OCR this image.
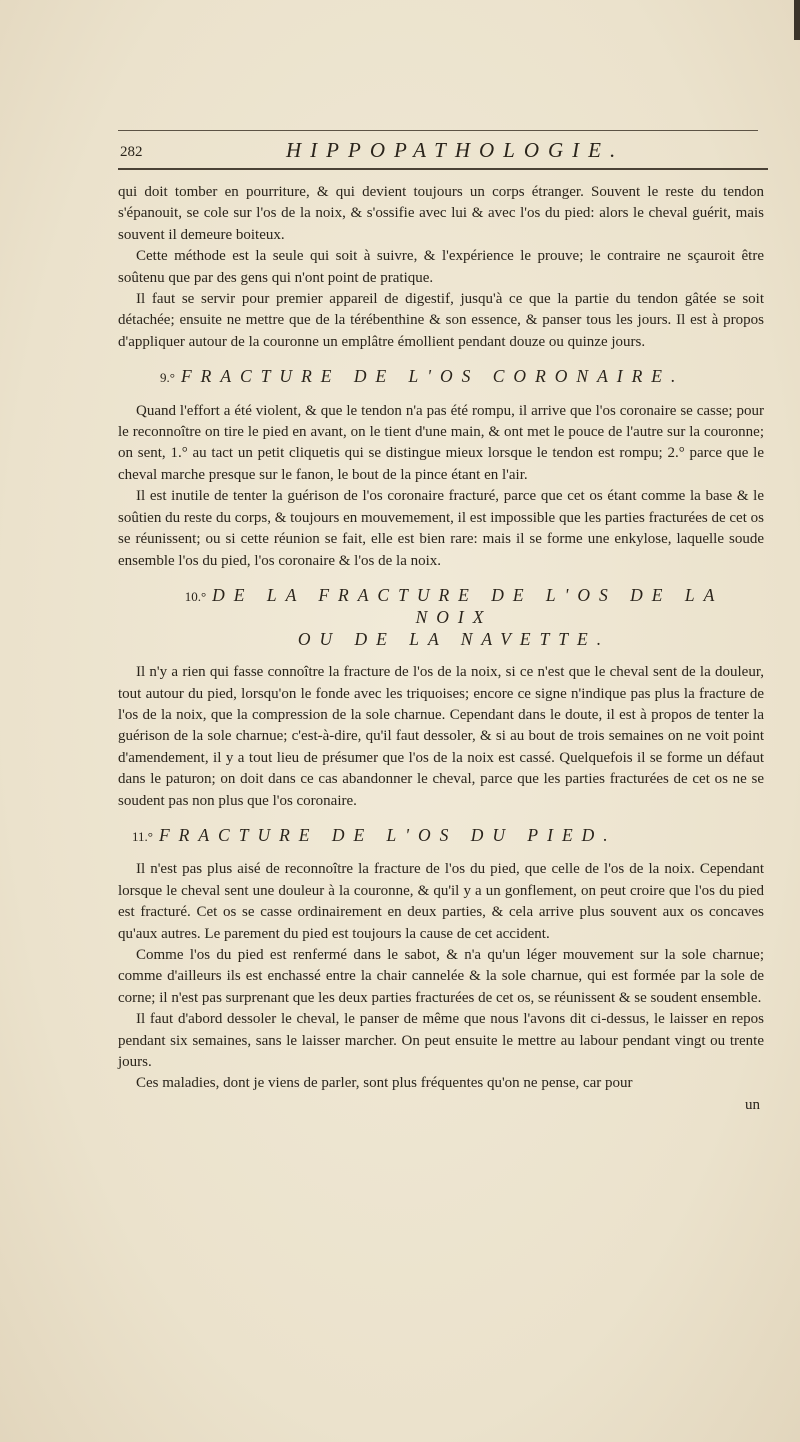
282	HIPPOPATHOLOGIE.

qui doit tomber en pourriture, & qui devient toujours un corps étranger. Souvent le reste du tendon s'épanouit, se cole sur l'os de la noix, & s'ossifie avec lui & avec l'os du pied: alors le cheval guérit, mais souvent il demeure boiteux.

Cette méthode est la seule qui soit à suivre, & l'expérience le prouve; le contraire ne sçauroit être soûtenu que par des gens qui n'ont point de pratique.

Il faut se servir pour premier appareil de digestif, jusqu'à ce que la partie du tendon gâtée se soit détachée; ensuite ne mettre que de la térébenthine & son essence, & panser tous les jours. Il est à propos d'appliquer autour de la couronne un emplâtre émollient pendant douze ou quinze jours.

9.° FRACTURE DE L'OS CORONAIRE.

Quand l'effort a été violent, & que le tendon n'a pas été rompu, il arrive que l'os coronaire se casse; pour le reconnoître on tire le pied en avant, on le tient d'une main, & ont met le pouce de l'autre sur la couronne; on sent, 1.° au tact un petit cliquetis qui se distingue mieux lorsque le tendon est rompu; 2.° parce que le cheval marche presque sur le fanon, le bout de la pince étant en l'air.

Il est inutile de tenter la guérison de l'os coronaire fracturé, parce que cet os étant comme la base & le soûtien du reste du corps, & toujours en mouvemement, il est impossible que les parties fracturées de cet os se réunissent; ou si cette réunion se fait, elle est bien rare: mais il se forme une enkylose, laquelle soude ensemble l'os du pied, l'os coronaire & l'os de la noix.

10.° DE LA FRACTURE DE L'OS DE LA NOIX
OU DE LA NAVETTE.

Il n'y a rien qui fasse connoître la fracture de l'os de la noix, si ce n'est que le cheval sent de la douleur, tout autour du pied, lorsqu'on le fonde avec les triquoises; encore ce signe n'indique pas plus la fracture de l'os de la noix, que la compression de la sole charnue. Cependant dans le doute, il est à propos de tenter la guérison de la sole charnue; c'est-à-dire, qu'il faut dessoler, & si au bout de trois semaines on ne voit point d'amendement, il y a tout lieu de présumer que l'os de la noix est cassé. Quelquefois il se forme un défaut dans le paturon; on doit dans ce cas abandonner le cheval, parce que les parties fracturées de cet os ne se soudent pas non plus que l'os coronaire.

11.° FRACTURE DE L'OS DU PIED.

Il n'est pas plus aisé de reconnoître la fracture de l'os du pied, que celle de l'os de la noix. Cependant lorsque le cheval sent une douleur à la couronne, & qu'il y a un gonflement, on peut croire que l'os du pied est fracturé. Cet os se casse ordinairement en deux parties, & cela arrive plus souvent aux os concaves qu'aux autres. Le parement du pied est toujours la cause de cet accident.

Comme l'os du pied est renfermé dans le sabot, & n'a qu'un léger mouvement sur la sole charnue; comme d'ailleurs ils est enchassé entre la chair cannelée & la sole charnue, qui est formée par la sole de corne; il n'est pas surprenant que les deux parties fracturées de cet os, se réunissent & se soudent ensemble.

Il faut d'abord dessoler le cheval, le panser de même que nous l'avons dit ci-dessus, le laisser en repos pendant six semaines, sans le laisser marcher. On peut ensuite le mettre au labour pendant vingt ou trente jours.

Ces maladies, dont je viens de parler, sont plus fréquentes qu'on ne pense, car pour

un
